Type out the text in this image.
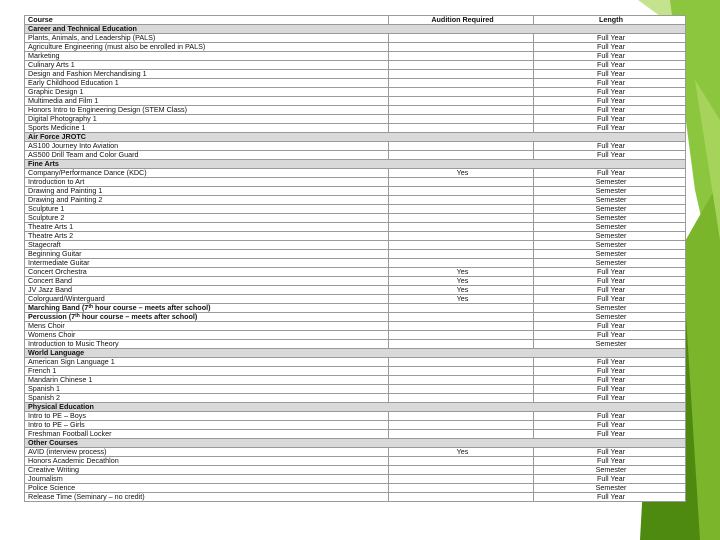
Course	Audition Required	Length
Career and Technical Education		
Plants, Animals, and Leadership (PALS)		Full Year
Agriculture Engineering (must also be enrolled in PALS)		Full Year
Marketing		Full Year
Culinary Arts 1		Full Year
Design and Fashion Merchandising 1		Full Year
Early Childhood Education 1		Full Year
Graphic Design 1		Full Year
Multimedia and Film 1		Full Year
Honors Intro to Engineering Design (STEM Class)		Full Year
Digital Photography 1		Full Year
Sports Medicine 1		Full Year
Air Force JROTC		
AS100 Journey Into Aviation		Full Year
AS500 Drill Team and Color Guard		Full Year
Fine Arts		
Company/Performance Dance (KDC)	Yes	Full Year
Introduction to Art		Semester
Drawing and Painting 1		Semester
Drawing and Painting 2		Semester
Sculpture 1		Semester
Sculpture 2		Semester
Theatre Arts 1		Semester
Theatre Arts 2		Semester
Stagecraft		Semester
Beginning Guitar		Semester
Intermediate Guitar		Semester
Concert Orchestra	Yes	Full Year
Concert Band	Yes	Full Year
JV Jazz Band	Yes	Full Year
Colorguard/Winterguard	Yes	Full Year
Marching Band (7th hour course – meets after school)		Semester
Percussion (7th hour course – meets after school)		Semester
Mens Choir		Full Year
Womens Choir		Full Year
Introduction to Music Theory		Semester
World Language		
American Sign Language 1		Full Year
French 1		Full Year
Mandarin Chinese 1		Full Year
Spanish 1		Full Year
Spanish 2		Full Year
Physical Education		
Intro to PE – Boys		Full Year
Intro to PE – Girls		Full Year
Freshman Football Locker		Full Year
Other Courses		
AVID (interview process)	Yes	Full Year
Honors Academic Decathlon		Full Year
Creative Writing		Semester
Journalism		Full Year
Police Science		Semester
Release Time (Seminary – no credit)		Full Year
